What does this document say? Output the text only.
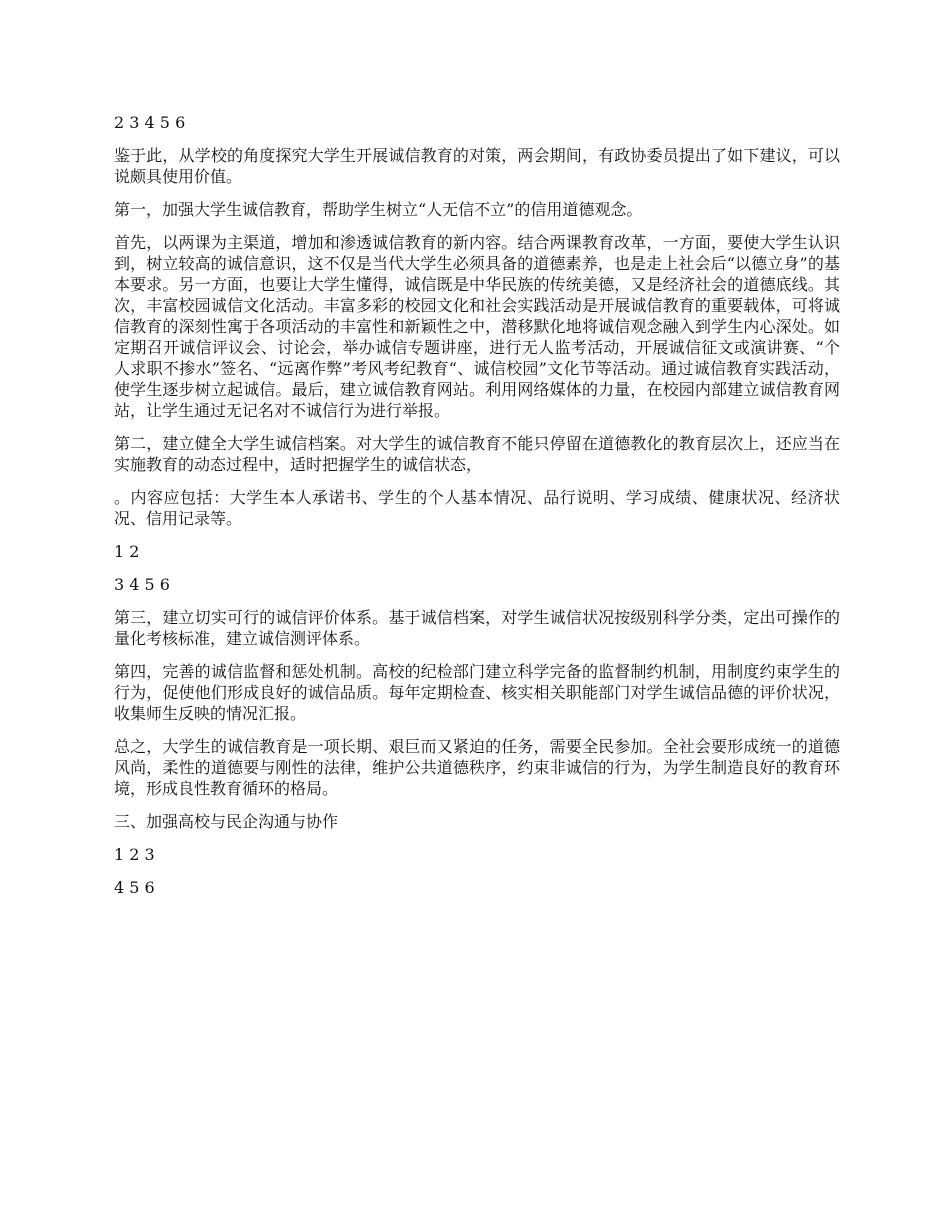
2 3 4 5 6

鉴于此，从学校的角度探究大学生开展诚信教育的对策，两会期间，有政协委员提出了如下建议，可以说颇具使用价值。

第一，加强大学生诚信教育，帮助学生树立“人无信不立”的信用道德观念。

首先，以两课为主渠道，增加和渗透诚信教育的新内容。结合两课教育改革，一方面，要使大学生认识到，树立较高的诚信意识，这不仅是当代大学生必须具备的道德素养，也是走上社会后“以德立身”的基本要求。另一方面，也要让大学生懂得，诚信既是中华民族的传统美德，又是经济社会的道德底线。其次，丰富校园诚信文化活动。丰富多彩的校园文化和社会实践活动是开展诚信教育的重要载体，可将诚信教育的深刻性寓于各项活动的丰富性和新颖性之中，潜移默化地将诚信观念融入到学生内心深处。如定期召开诚信评议会、讨论会，举办诚信专题讲座，进行无人监考活动，开展诚信征文或演讲赛、“个人求职不掺水”签名、“远离作弊”考风考纪教育“、诚信校园”文化节等活动。通过诚信教育实践活动，使学生逐步树立起诚信。最后，建立诚信教育网站。利用网络媒体的力量，在校园内部建立诚信教育网站，让学生通过无记名对不诚信行为进行举报。

第二，建立健全大学生诚信档案。对大学生的诚信教育不能只停留在道德教化的教育层次上，还应当在实施教育的动态过程中，适时把握学生的诚信状态，

。内容应包括：大学生本人承诺书、学生的个人基本情况、品行说明、学习成绩、健康状况、经济状况、信用记录等。

1 2

3 4 5 6

第三，建立切实可行的诚信评价体系。基于诚信档案，对学生诚信状况按级别科学分类，定出可操作的量化考核标准，建立诚信测评体系。

第四，完善的诚信监督和惩处机制。高校的纪检部门建立科学完备的监督制约机制，用制度约束学生的行为，促使他们形成良好的诚信品质。每年定期检查、核实相关职能部门对学生诚信品德的评价状况，收集师生反映的情况汇报。

总之，大学生的诚信教育是一项长期、艰巨而又紧迫的任务，需要全民参加。全社会要形成统一的道德风尚，柔性的道德要与刚性的法律，维护公共道德秩序，约束非诚信的行为，为学生制造良好的教育环境，形成良性教育循环的格局。

三、加强高校与民企沟通与协作

1 2 3

4 5 6
